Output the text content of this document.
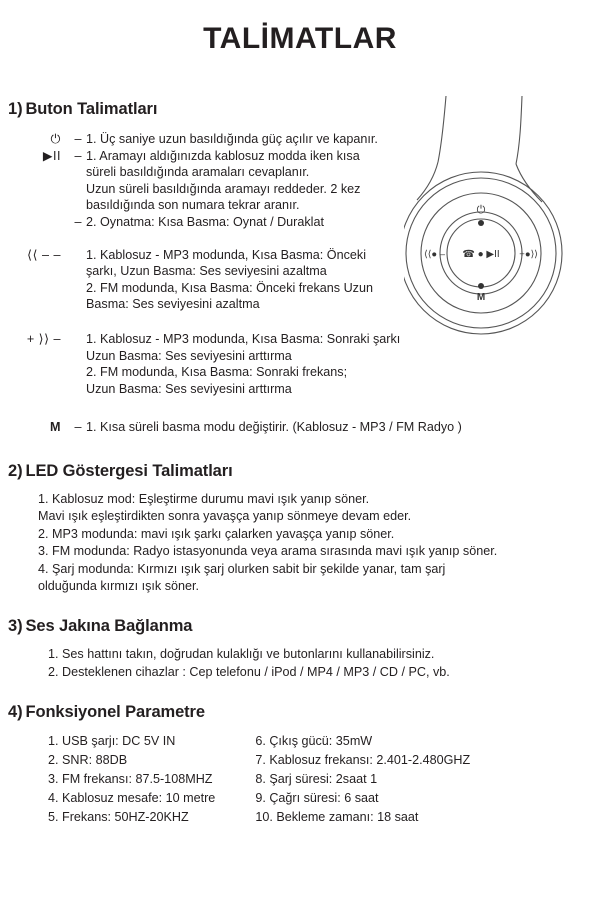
⏻
M
⟨⟨● –	+●⟩⟩
☎ ● ▶II
TALİMATLAR
1) Buton Talimatları
⏻	– 1. Üç saniye uzun basıldığında güç açılır ve kapanır.
▶II	– 1. Aramayı aldığınızda kablosuz modda iken kısa
süreli basıldığında aramaları cevaplanır.
Uzun süreli basıldığında aramayı reddeder. 2 kez
basıldığında son numara tekrar aranır.
– 2. Oynatma: Kısa Basma: Oynat / Duraklat
⟨⟨ – –	1. Kablosuz - MP3 modunda, Kısa Basma: Önceki
şarkı, Uzun Basma: Ses seviyesini azaltma
2. FM modunda, Kısa Basma: Önceki frekans Uzun
Basma: Ses seviyesini azaltma
+ ⟩⟩ –	1. Kablosuz - MP3 modunda, Kısa Basma: Sonraki şarkı
Uzun Basma: Ses seviyesini arttırma
2. FM modunda, Kısa Basma: Sonraki frekans;
Uzun Basma: Ses seviyesini arttırma
M	– 1. Kısa süreli basma modu değiştirir. (Kablosuz - MP3 / FM Radyo )
2) LED Göstergesi Talimatları
1. Kablosuz mod: Eşleştirme durumu mavi ışık yanıp söner.
Mavi ışık eşleştirdikten sonra yavaşça yanıp sönmeye devam eder.
2. MP3 modunda: mavi ışık şarkı çalarken yavaşça yanıp söner.
3. FM modunda: Radyo istasyonunda veya arama sırasında mavi ışık yanıp söner.
4. Şarj modunda: Kırmızı ışık şarj olurken sabit bir şekilde yanar, tam şarj
olduğunda kırmızı ışık söner.
3) Ses Jakına Bağlanma
1. Ses hattını takın, doğrudan kulaklığı ve butonlarını kullanabilirsiniz.
2. Desteklenen cihazlar : Cep telefonu / iPod / MP4 / MP3 / CD / PC, vb.
4) Fonksiyonel Parametre
1. USB şarjı: DC 5V IN
2. SNR: 88DB
3. FM frekansı: 87.5-108MHZ
4. Kablosuz mesafe: 10 metre
5. Frekans: 50HZ-20KHZ
6. Çıkış gücü: 35mW
7. Kablosuz frekansı: 2.401-2.480GHZ
8. Şarj süresi: 2saat 1
9. Çağrı süresi: 6 saat
10. Bekleme zamanı: 18 saat
